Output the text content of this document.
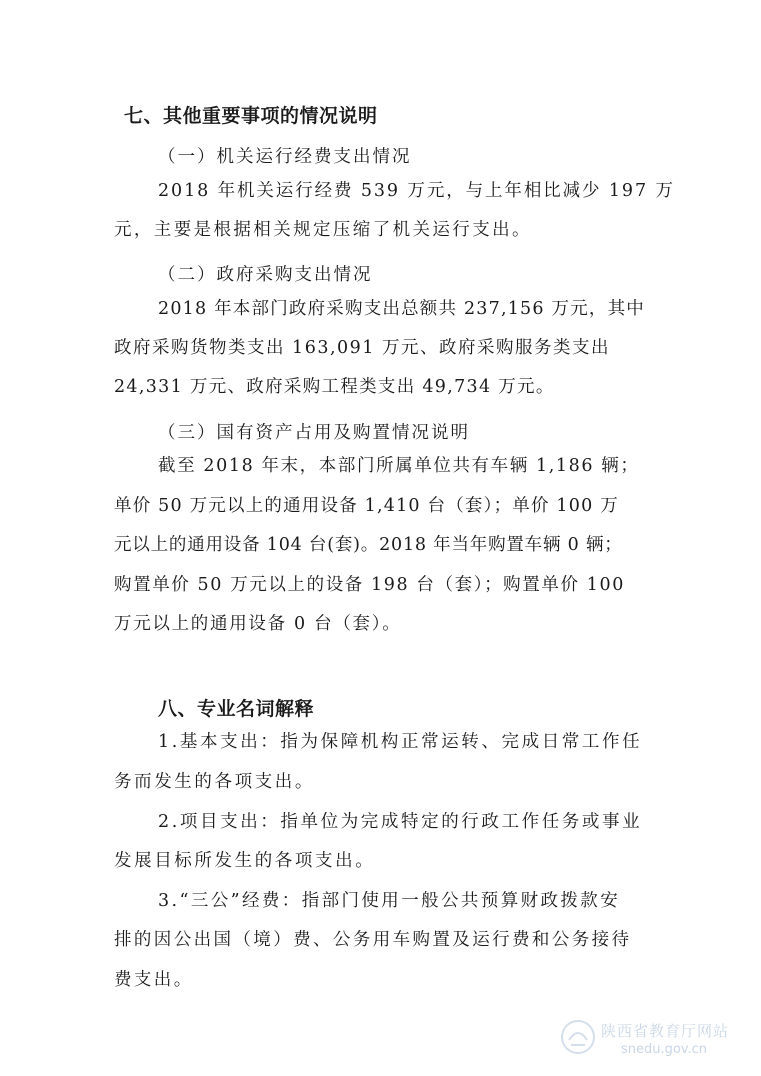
七、其他重要事项的情况说明
（一）机关运行经费支出情况
2018 年机关运行经费 539 万元，与上年相比减少 197 万
元，主要是根据相关规定压缩了机关运行支出。
（二）政府采购支出情况
2018 年本部门政府采购支出总额共 237,156 万元，其中
政府采购货物类支出 163,091 万元、政府采购服务类支出
24,331 万元、政府采购工程类支出 49,734 万元。
（三）国有资产占用及购置情况说明
截至 2018 年末，本部门所属单位共有车辆 1,186 辆；
单价 50 万元以上的通用设备 1,410 台（套）；单价 100 万
元以上的通用设备 104 台(套)。2018 年当年购置车辆 0 辆；
购置单价 50 万元以上的设备 198 台（套）；购置单价 100
万元以上的通用设备 0 台（套）。
八、专业名词解释
1.基本支出：指为保障机构正常运转、完成日常工作任
务而发生的各项支出。
2.项目支出：指单位为完成特定的行政工作任务或事业
发展目标所发生的各项支出。
3.“三公”经费：指部门使用一般公共预算财政拨款安
排的因公出国（境）费、公务用车购置及运行费和公务接待
费支出。
陕西省教育厅网站
snedu.gov.cn
